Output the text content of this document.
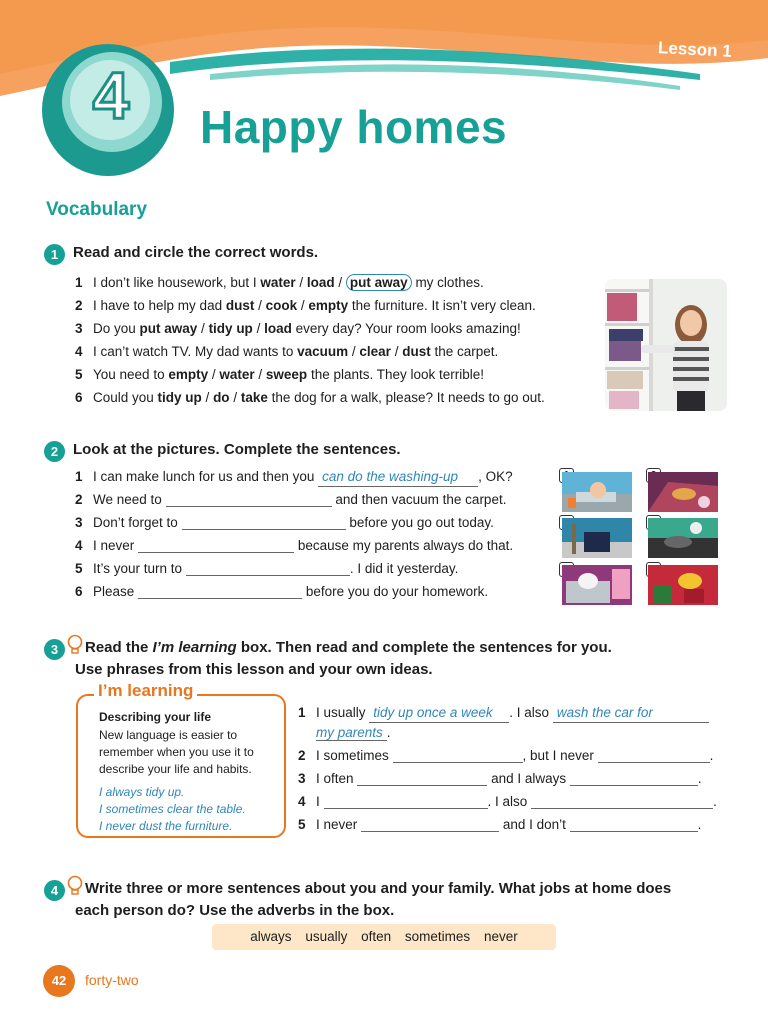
Lesson 1
4 Happy homes
Vocabulary
1 Read and circle the correct words.
1 I don’t like housework, but I water / load / put away my clothes.
2 I have to help my dad dust / cook / empty the furniture. It isn’t very clean.
3 Do you put away / tidy up / load every day? Your room looks amazing!
4 I can’t watch TV. My dad wants to vacuum / clear / dust the carpet.
5 You need to empty / water / sweep the plants. They look terrible!
6 Could you tidy up / do / take the dog for a walk, please? It needs to go out.
2 Look at the pictures. Complete the sentences.
1 I can make lunch for us and then you can do the washing-up , OK?
2 We need to	and then vacuum the carpet.
3 Don’t forget to	before you go out today.
4 I never	because my parents always do that.
5 It’s your turn to	. I did it yesterday.
6 Please	before you do your homework.
3 Read the I’m learning box. Then read and complete the sentences for you.
Use phrases from this lesson and your own ideas.
I’m learning
Describing your life
New language is easier to remember when you use it to describe your life and habits.
I always tidy up.
I sometimes clear the table.
I never dust the furniture.
1 I usually tidy up once a week . I also wash the car for
my parents .
2 I sometimes	, but I never	.
3 I often	and I always	.
4 I	. I also	.
5 I never	and I don’t	.
4 Write three or more sentences about you and your family. What jobs at home does
each person do? Use the adverbs in the box.
always usually often sometimes never
42	forty-two
